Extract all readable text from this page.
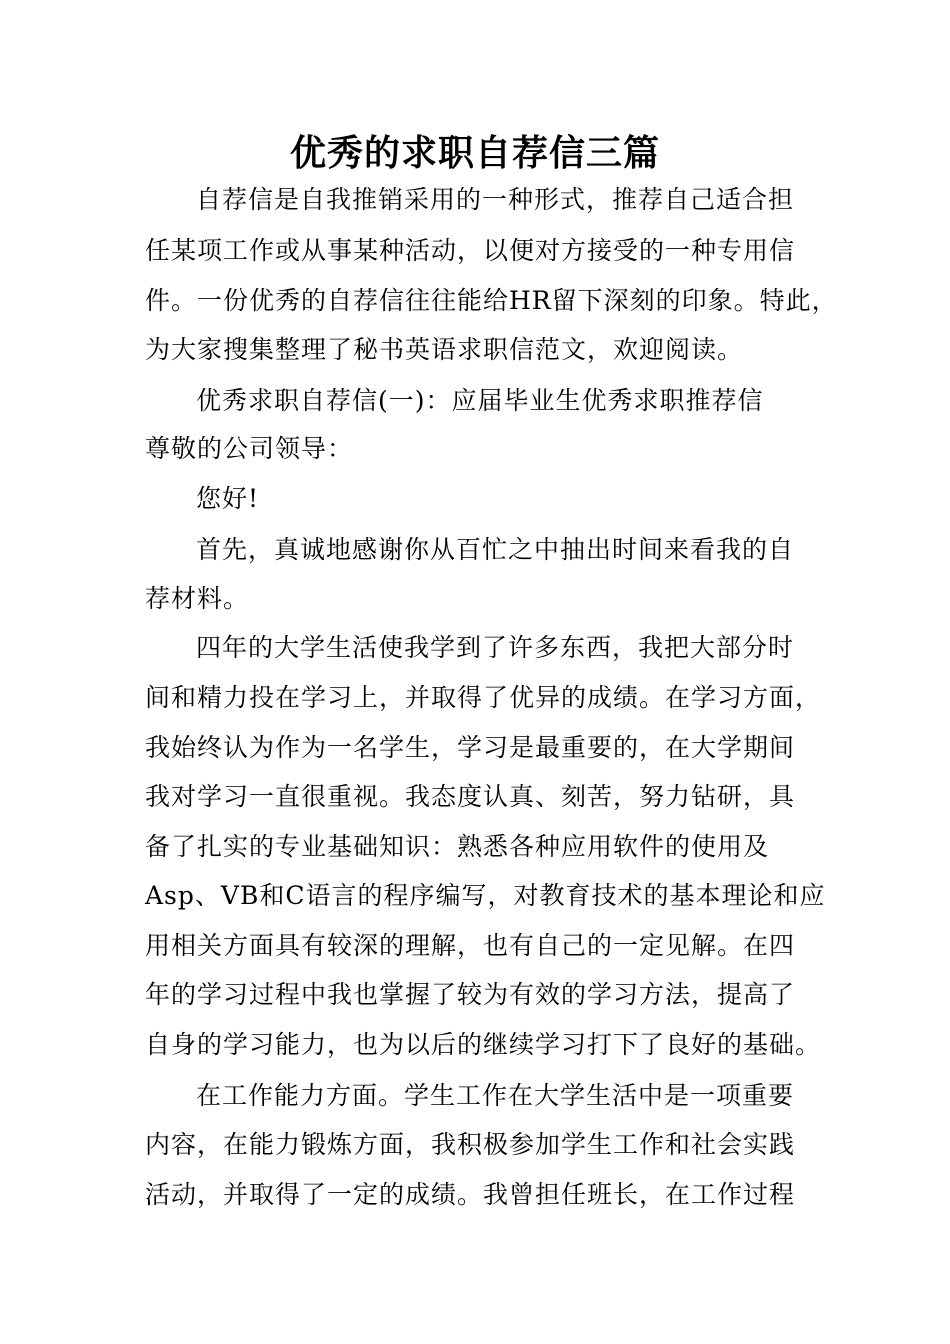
优秀的求职自荐信三篇
自荐信是自我推销采用的一种形式，推荐自己适合担
任某项工作或从事某种活动，以便对方接受的一种专用信
件。一份优秀的自荐信往往能给HR留下深刻的印象。特此，
为大家搜集整理了秘书英语求职信范文，欢迎阅读。
优秀求职自荐信(一)：应届毕业生优秀求职推荐信
尊敬的公司领导：
您好!
首先，真诚地感谢你从百忙之中抽出时间来看我的自
荐材料。
四年的大学生活使我学到了许多东西，我把大部分时
间和精力投在学习上，并取得了优异的成绩。在学习方面，
我始终认为作为一名学生，学习是最重要的，在大学期间
我对学习一直很重视。我态度认真、刻苦，努力钻研，具
备了扎实的专业基础知识：熟悉各种应用软件的使用及
Asp、VB和C语言的程序编写，对教育技术的基本理论和应
用相关方面具有较深的理解，也有自己的一定见解。在四
年的学习过程中我也掌握了较为有效的学习方法，提高了
自身的学习能力，也为以后的继续学习打下了良好的基础。
在工作能力方面。学生工作在大学生活中是一项重要
内容，在能力锻炼方面，我积极参加学生工作和社会实践
活动，并取得了一定的成绩。我曾担任班长，在工作过程
